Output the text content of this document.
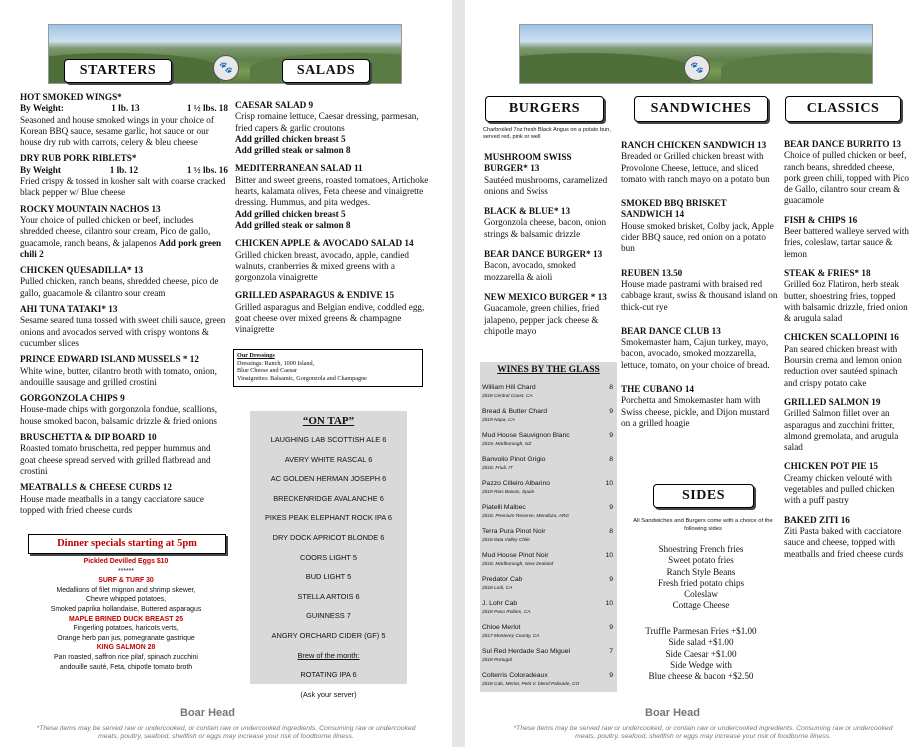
🐾
STARTERS	SALADS
HOT SMOKED WINGS*
By Weight:	1 lb. 13	1 ½ lbs. 18
Seasoned and house smoked wings in your choice of Korean BBQ sauce, sesame garlic, hot sauce or our house dry rub with carrots, celery & bleu cheese
DRY RUB PORK RIBLETS*
By Weight	1 lb. 12	1 ½ lbs. 16
Fried crispy & tossed in kosher salt with coarse cracked black pepper w/ Blue cheese
ROCKY MOUNTAIN NACHOS 13
Your choice of pulled chicken or beef, includes shredded cheese, cilantro sour cream, Pico de gallo, guacamole, ranch beans, & jalapenos Add pork green chili 2
CHICKEN QUESADILLA* 13
Pulled chicken, ranch beans, shredded cheese, pico de gallo, guacamole & cilantro sour cream
AHI TUNA TATAKI* 13
Sesame seared tuna tossed with sweet chili sauce, green onions and avocados served with crispy wontons & cucumber slices
PRINCE EDWARD ISLAND MUSSELS * 12
White wine, butter, cilantro broth with tomato, onion, andouille sausage and grilled crostini
GORGONZOLA CHIPS 9
House-made chips with gorgonzola fondue, scallions, house smoked bacon, balsamic drizzle & fried onions
BRUSCHETTA & DIP BOARD 10
Roasted tomato bruschetta, red pepper hummus and goat cheese spread served with grilled flatbread and crostini
MEATBALLS & CHEESE CURDS 12
House made meatballs in a tangy cacciatore sauce topped with fried cheese curds
CAESAR SALAD 9
Crisp romaine lettuce, Caesar dressing, parmesan, fried capers & garlic croutons
Add grilled chicken breast 5
Add grilled steak or salmon 8
MEDITERRANEAN SALAD 11
Bitter and sweet greens, roasted tomatoes, Artichoke hearts, kalamata olives, Feta cheese and vinaigrette dressing. Hummus, and pita wedges.
Add grilled chicken breast 5
Add grilled steak or salmon 8
CHICKEN APPLE & AVOCADO SALAD 14
Grilled chicken breast, avocado, apple, candied walnuts, cranberries & mixed greens with a gorgonzola vinaigrette
GRILLED ASPARAGUS & ENDIVE 15
Grilled asparagus and Belgian endive, coddled egg, goat cheese over mixed greens & champagne vinaigrette
Our Dressings
Dressings: Ranch, 1000 Island,
Blue Cheese and Caesar
Vinaigrettes: Balsamic, Gorgonzola and Champagne
“ON TAP”
LAUGHING LAB SCOTTISH ALE 6
AVERY WHITE RASCAL 6
AC GOLDEN HERMAN JOSEPH 6
BRECKENRIDGE AVALANCHE 6
PIKES PEAK ELEPHANT ROCK IPA 6
DRY DOCK APRICOT BLONDE 6
COORS LIGHT 5
BUD LIGHT 5
STELLA ARTOIS 6
GUINNESS 7
ANGRY ORCHARD CIDER (GF) 5
Brew of the month:
ROTATING IPA 6
(Ask your server)
Dinner specials starting at 5pm
Pickled Devilled Eggs $10
******
SURF & TURF 30
Medallions of filet mignon and shrimp skewer,
Chevre whipped potatoes,
Smoked paprika hollandaise, Buttered asparagus
MAPLE BRINED DUCK BREAST 25
Fingerling potatoes, haricots verts,
Orange herb pan jus, pomegranate gastrique
KING SALMON 28
Pan roasted, saffron rice pilaf, spinach zucchini
andouille sauté, Feta, chipotle tomato broth
Boar Head
*These items may be served raw or undercooked, or contain raw or undercooked ingredients. Consuming raw or undercooked meats, poultry, seafood, shellfish or eggs may increase your risk of foodborne illness.
🐾
BURGERS	SANDWICHES	CLASSICS
Charbroiled 7oz fresh Black Angus on a potato bun, served red, pink or well
MUSHROOM SWISS BURGER* 13
Sautéed mushrooms, caramelized onions and Swiss
BLACK & BLUE* 13
Gorgonzola cheese, bacon, onion strings & balsamic drizzle
BEAR DANCE BURGER* 13
Bacon, avocado, smoked mozzarella & aioli
NEW MEXICO BURGER * 13
Guacamole, green chilies, fried jalapeno, pepper jack cheese & chipotle mayo
WINES BY THE GLASS
William Hill Chard	8
2018 Central Coast, CA
Bread & Butter Chard	9
2019 Napa, CA
Mud House Sauvignon Blanc	9
2019, Marlborough, NZ
Banvolio Pinot Grigio	8
2018, Friuli, IT
Pazzo Cilleiro Albarino	10
2019 Rias Baixas, Spain
Piatelli Malbec	9
2018, Premium Reserve, Mendoza, ARG
Terra Pura Pinot Noir	8
2018 Itata Valley Chile
Mud House Pinot Noir	10
2018, Marlborough, New Zealand
Predator Cab	9
2018 Lodi, CA
J. Lohr Cab	10
2018 Paso Robles, CA
Chloe Merlot	9
2017 Monterey County, CA
Sul Red Herdade Sao Miguel	7
2018 Portugal
Colterris Coloradeaux	9
2018 Cab, Merlot, Petit V. blend Palisade, CO
RANCH CHICKEN SANDWICH 13
Breaded or Grilled chicken breast with Provolone Cheese, lettuce, and sliced tomato with ranch mayo on a potato bun
SMOKED BBQ BRISKET SANDWICH 14
House smoked brisket, Colby jack, Apple cider BBQ sauce, red onion on a potato bun
REUBEN 13.50
House made pastrami with braised red cabbage kraut, swiss & thousand island on thick-cut rye
BEAR DANCE CLUB 13
Smokemaster ham, Cajun turkey, mayo, bacon, avocado, smoked mozzarella, lettuce, tomato, on your choice of bread.
THE CUBANO 14
Porchetta and Smokemaster ham with Swiss cheese, pickle, and Dijon mustard on a grilled hoagie
SIDES
All Sandwiches and Burgers come with a choice of the following sides
Shoestring French fries
Sweet potato fries
Ranch Style Beans
Fresh fried potato chips
Coleslaw
Cottage Cheese
Truffle Parmesan Fries +$1.00
Side salad +$1.00
Side Caesar +$1.00
Side Wedge with
Blue cheese & bacon +$2.50
BEAR DANCE BURRITO 13
Choice of pulled chicken or beef, ranch beans, shredded cheese, pork green chili, topped with Pico de Gallo, cilantro sour cream & guacamole
FISH & CHIPS 16
Beer battered walleye served with fries, coleslaw, tartar sauce & lemon
STEAK & FRIES* 18
Grilled 6oz Flatiron, herb steak butter, shoestring fries, topped with balsamic drizzle, fried onion & arugula salad
CHICKEN SCALLOPINI 16
Pan seared chicken breast with Boursin crema and lemon onion reduction over sautéed spinach and crispy potato cake
GRILLED SALMON 19
Grilled Salmon fillet over an asparagus and zucchini fritter, almond gremolata, and arugula salad
CHICKEN POT PIE 15
Creamy chicken velouté with vegetables and pulled chicken with a puff pastry
BAKED ZITI 16
Ziti Pasta baked with cacciatore sauce and cheese, topped with meatballs and fried cheese curds
Boar Head
*These items may be served raw or undercooked, or contain raw or undercooked ingredients. Consuming raw or undercooked meats, poultry, seafood, shellfish or eggs may increase your risk of foodborne illness.
